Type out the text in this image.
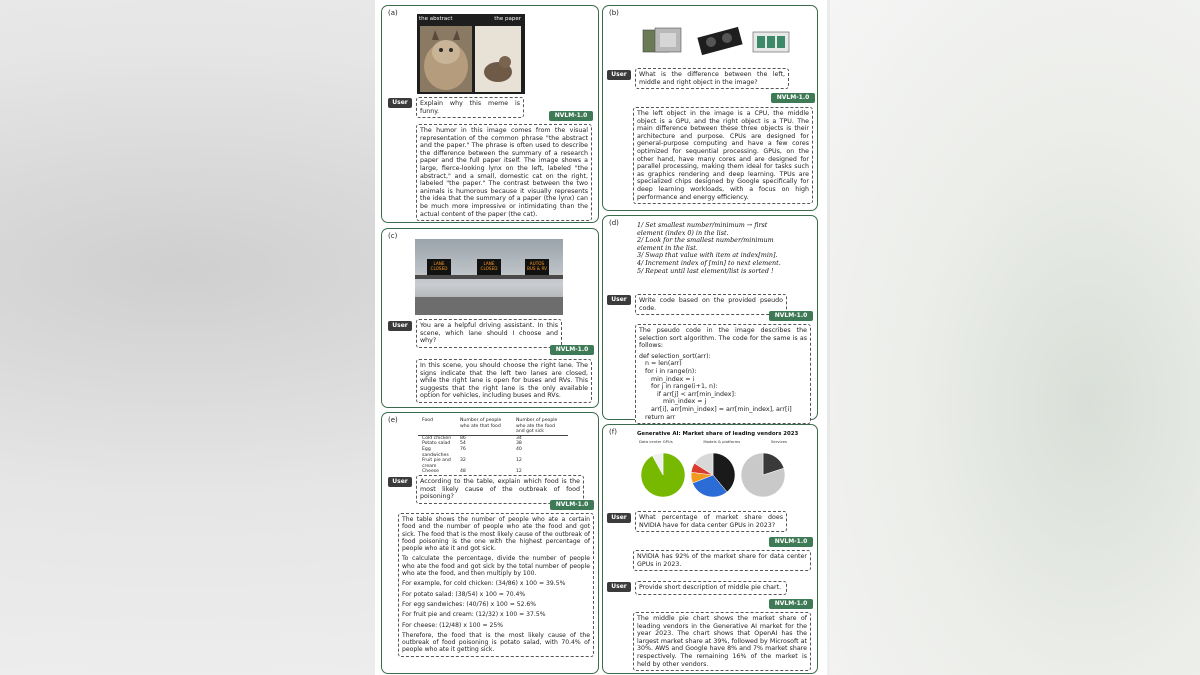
(a)
the abstract	the paper
User	Explain why this meme is funny.
NVLM-1.0
The humor in this image comes from the visual representation of the common phrase "the abstract and the paper." The phrase is often used to describe the difference between the summary of a research paper and the full paper itself. The image shows a large, fierce-looking lynx on the left, labeled "the abstract," and a small, domestic cat on the right, labeled "the paper." The contrast between the two animals is humorous because it visually represents the idea that the summary of a paper (the lynx) can be much more impressive or intimidating than the actual content of the paper (the cat).
(b)
User	What is the difference between the left, middle and right object in the image?
NVLM-1.0
The left object in the image is a CPU, the middle object is a GPU, and the right object is a TPU. The main difference between these three objects is their architecture and purpose. CPUs are designed for general-purpose computing and have a few cores optimized for sequential processing. GPUs, on the other hand, have many cores and are designed for parallel processing, making them ideal for tasks such as graphics rendering and deep learning. TPUs are specialized chips designed by Google specifically for deep learning workloads, with a focus on high performance and energy efficiency.
(c)
LANE CLOSED
LANE CLOSED
AUTOS BUS & RV
User	You are a helpful driving assistant. In this scene, which lane should I choose and why?
NVLM-1.0
In this scene, you should choose the right lane. The signs indicate that the left two lanes are closed, while the right lane is open for buses and RVs. This suggests that the right lane is the only available option for vehicles, including buses and RVs.
(d)	1/ Set smallest number/minimum → first element (index 0) in the list.
2/ Look for the smallest number/minimum element in the list.
3/ Swap that value with item at index[min].
4/ Increment index of [min] to next element.
5/ Repeat until last element/list is sorted !
User	Write code based on the provided pseudo code.
NVLM-1.0

The pseudo code in the image describes the selection sort algorithm. The code for the same is as follows:

def selection_sort(arr):
n = len(arr)
for i in range(n):
min_index = i
for j in range(i+1, n):
if arr[j] < arr[min_index]:
min_index = j
arr[i], arr[min_index] = arr[min_index], arr[i]
return arr
(e)	Food	Number of people who ate that food	Number of people who ate the food and got sick
Cold chicken	86	34
Potato salad	54	38
Egg sandwiches	76	40
Fruit pie and cream	32	12
Cheese	48	12
User	According to the table, explain which food is the most likely cause of the outbreak of food poisoning?
NVLM-1.0

The table shows the number of people who ate a certain food and the number of people who ate the food and got sick. The food that is the most likely cause of the outbreak of food poisoning is the one with the highest percentage of people who ate it and got sick.

To calculate the percentage, divide the number of people who ate the food and got sick by the total number of people who ate the food, and then multiply by 100.

For example, for cold chicken: (34/86) x 100 = 39.5%

For potato salad: (38/54) x 100 = 70.4%

For egg sandwiches: (40/76) x 100 = 52.6%

For fruit pie and cream: (12/32) x 100 = 37.5%

For cheese: (12/48) x 100 = 25%

Therefore, the food that is the most likely cause of the outbreak of food poisoning is potato salad, with 70.4% of people who ate it getting sick.

(f)	Generative AI: Market share of leading vendors 2023
Data center GPUs	Models & platforms	Services
User	What percentage of market share does NVIDIA have for data center GPUs in 2023?
NVLM-1.0
NVIDIA has 92% of the market share for data center GPUs in 2023.
User	Provide short description of middle pie chart.
NVLM-1.0
The middle pie chart shows the market share of leading vendors in the Generative AI market for the year 2023. The chart shows that OpenAI has the largest market share at 39%, followed by Microsoft at 30%. AWS and Google have 8% and 7% market share respectively. The remaining 16% of the market is held by other vendors.
